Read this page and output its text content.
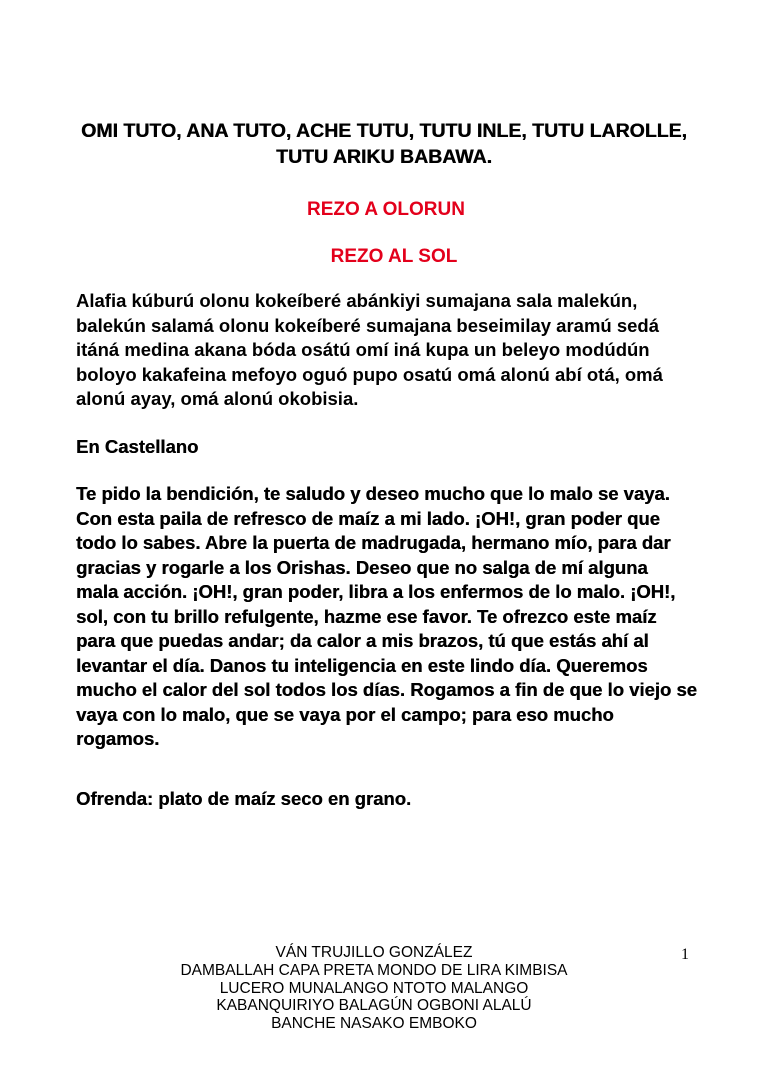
OMI TUTO, ANA TUTO, ACHE TUTU, TUTU INLE, TUTU LAROLLE,
TUTU ARIKU BABAWA.
REZO A OLORUN
REZO AL SOL
Alafia kúburú olonu kokeíberé abánkiyi sumajana sala malekún,
balekún salamá olonu kokeíberé sumajana beseimilay aramú sedá
itáná medina akana bóda osátú omí iná kupa un beleyo modúdún
boloyo kakafeina mefoyo oguó pupo osatú omá alonú abí otá, omá
alonú ayay, omá alonú okobisia.
En Castellano
Te pido la bendición, te saludo y deseo mucho que lo malo se vaya.
Con esta paila de refresco de maíz a mi lado. ¡OH!, gran poder que
todo lo sabes. Abre la puerta de madrugada, hermano mío, para dar
gracias y rogarle a los Orishas. Deseo que no salga de mí alguna
mala acción. ¡OH!, gran poder, libra a los enfermos de lo malo. ¡OH!,
sol, con tu brillo refulgente, hazme ese favor. Te ofrezco este maíz
para que puedas andar; da calor a mis brazos, tú que estás ahí al
levantar el día. Danos tu inteligencia en este lindo día. Queremos
mucho el calor del sol todos los días. Rogamos a fin de que lo viejo se
vaya con lo malo, que se vaya por el campo; para eso mucho
rogamos.
Ofrenda: plato de maíz seco en grano.
VÁN TRUJILLO GONZÁLEZ
DAMBALLAH CAPA PRETA MONDO DE LIRA KIMBISA
LUCERO MUNALANGO NTOTO MALANGO
KABANQUIRIYO BALAGÚN OGBONI ALALÚ
BANCHE NASAKO EMBOKO
1
